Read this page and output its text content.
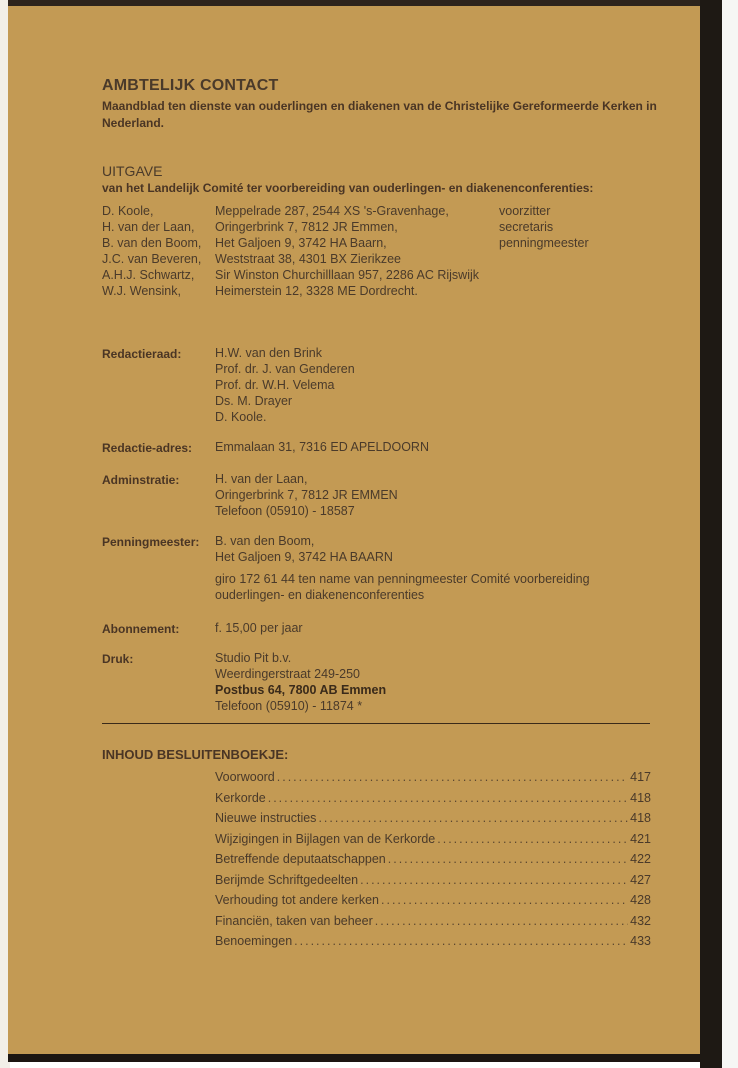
AMBTELIJK CONTACT
Maandblad ten dienste van ouderlingen en diakenen van de Christelijke Gereformeerde Kerken in Nederland.
UITGAVE
van het Landelijk Comité ter voorbereiding van ouderlingen- en diakenenconferenties:
D. Koole,	Meppelrade 287, 2544 XS 's-Gravenhage,	voorzitter
H. van der Laan, Oringerbrink 7, 7812 JR Emmen,	secretaris
B. van den Boom, Het Galjoen 9, 3742 HA Baarn,	penningmeester
J.C. van Beveren, Weststraat 38, 4301 BX Zierikzee
A.H.J. Schwartz, Sir Winston Churchilllaan 957, 2286 AC Rijswijk
W.J. Wensink,	Heimerstein 12, 3328 ME Dordrecht.
Redactieraad:	H.W. van den Brink
Prof. dr. J. van Genderen
Prof. dr. W.H. Velema
Ds. M. Drayer
D. Koole.
Redactie-adres: Emmalaan 31, 7316 ED APELDOORN
Adminstratie:	H. van der Laan,
Oringerbrink 7, 7812 JR EMMEN
Telefoon (05910) - 18587
Penningmeester: B. van den Boom,
Het Galjoen 9, 3742 HA BAARN
giro 172 61 44 ten name van penningmeester Comité voorbereiding
ouderlingen- en diakenenconferenties
Abonnement:	f. 15,00 per jaar
Druk:	Studio Pit b.v.
Weerdingerstraat 249-250
Postbus 64, 7800 AB Emmen
Telefoon (05910) - 11874 *
INHOUD BESLUITENBOEKJE:
Voorwoord .....	417
Kerkorde .....	418
Nieuwe instructies .....	418
Wijzigingen in Bijlagen van de Kerkorde .....	421
Betreffende deputaatschappen .....	422
Berijmde Schriftgedeelten .....	427
Verhouding tot andere kerken .....	428
Financiën, taken van beheer .....	432
Benoemingen .....	433
